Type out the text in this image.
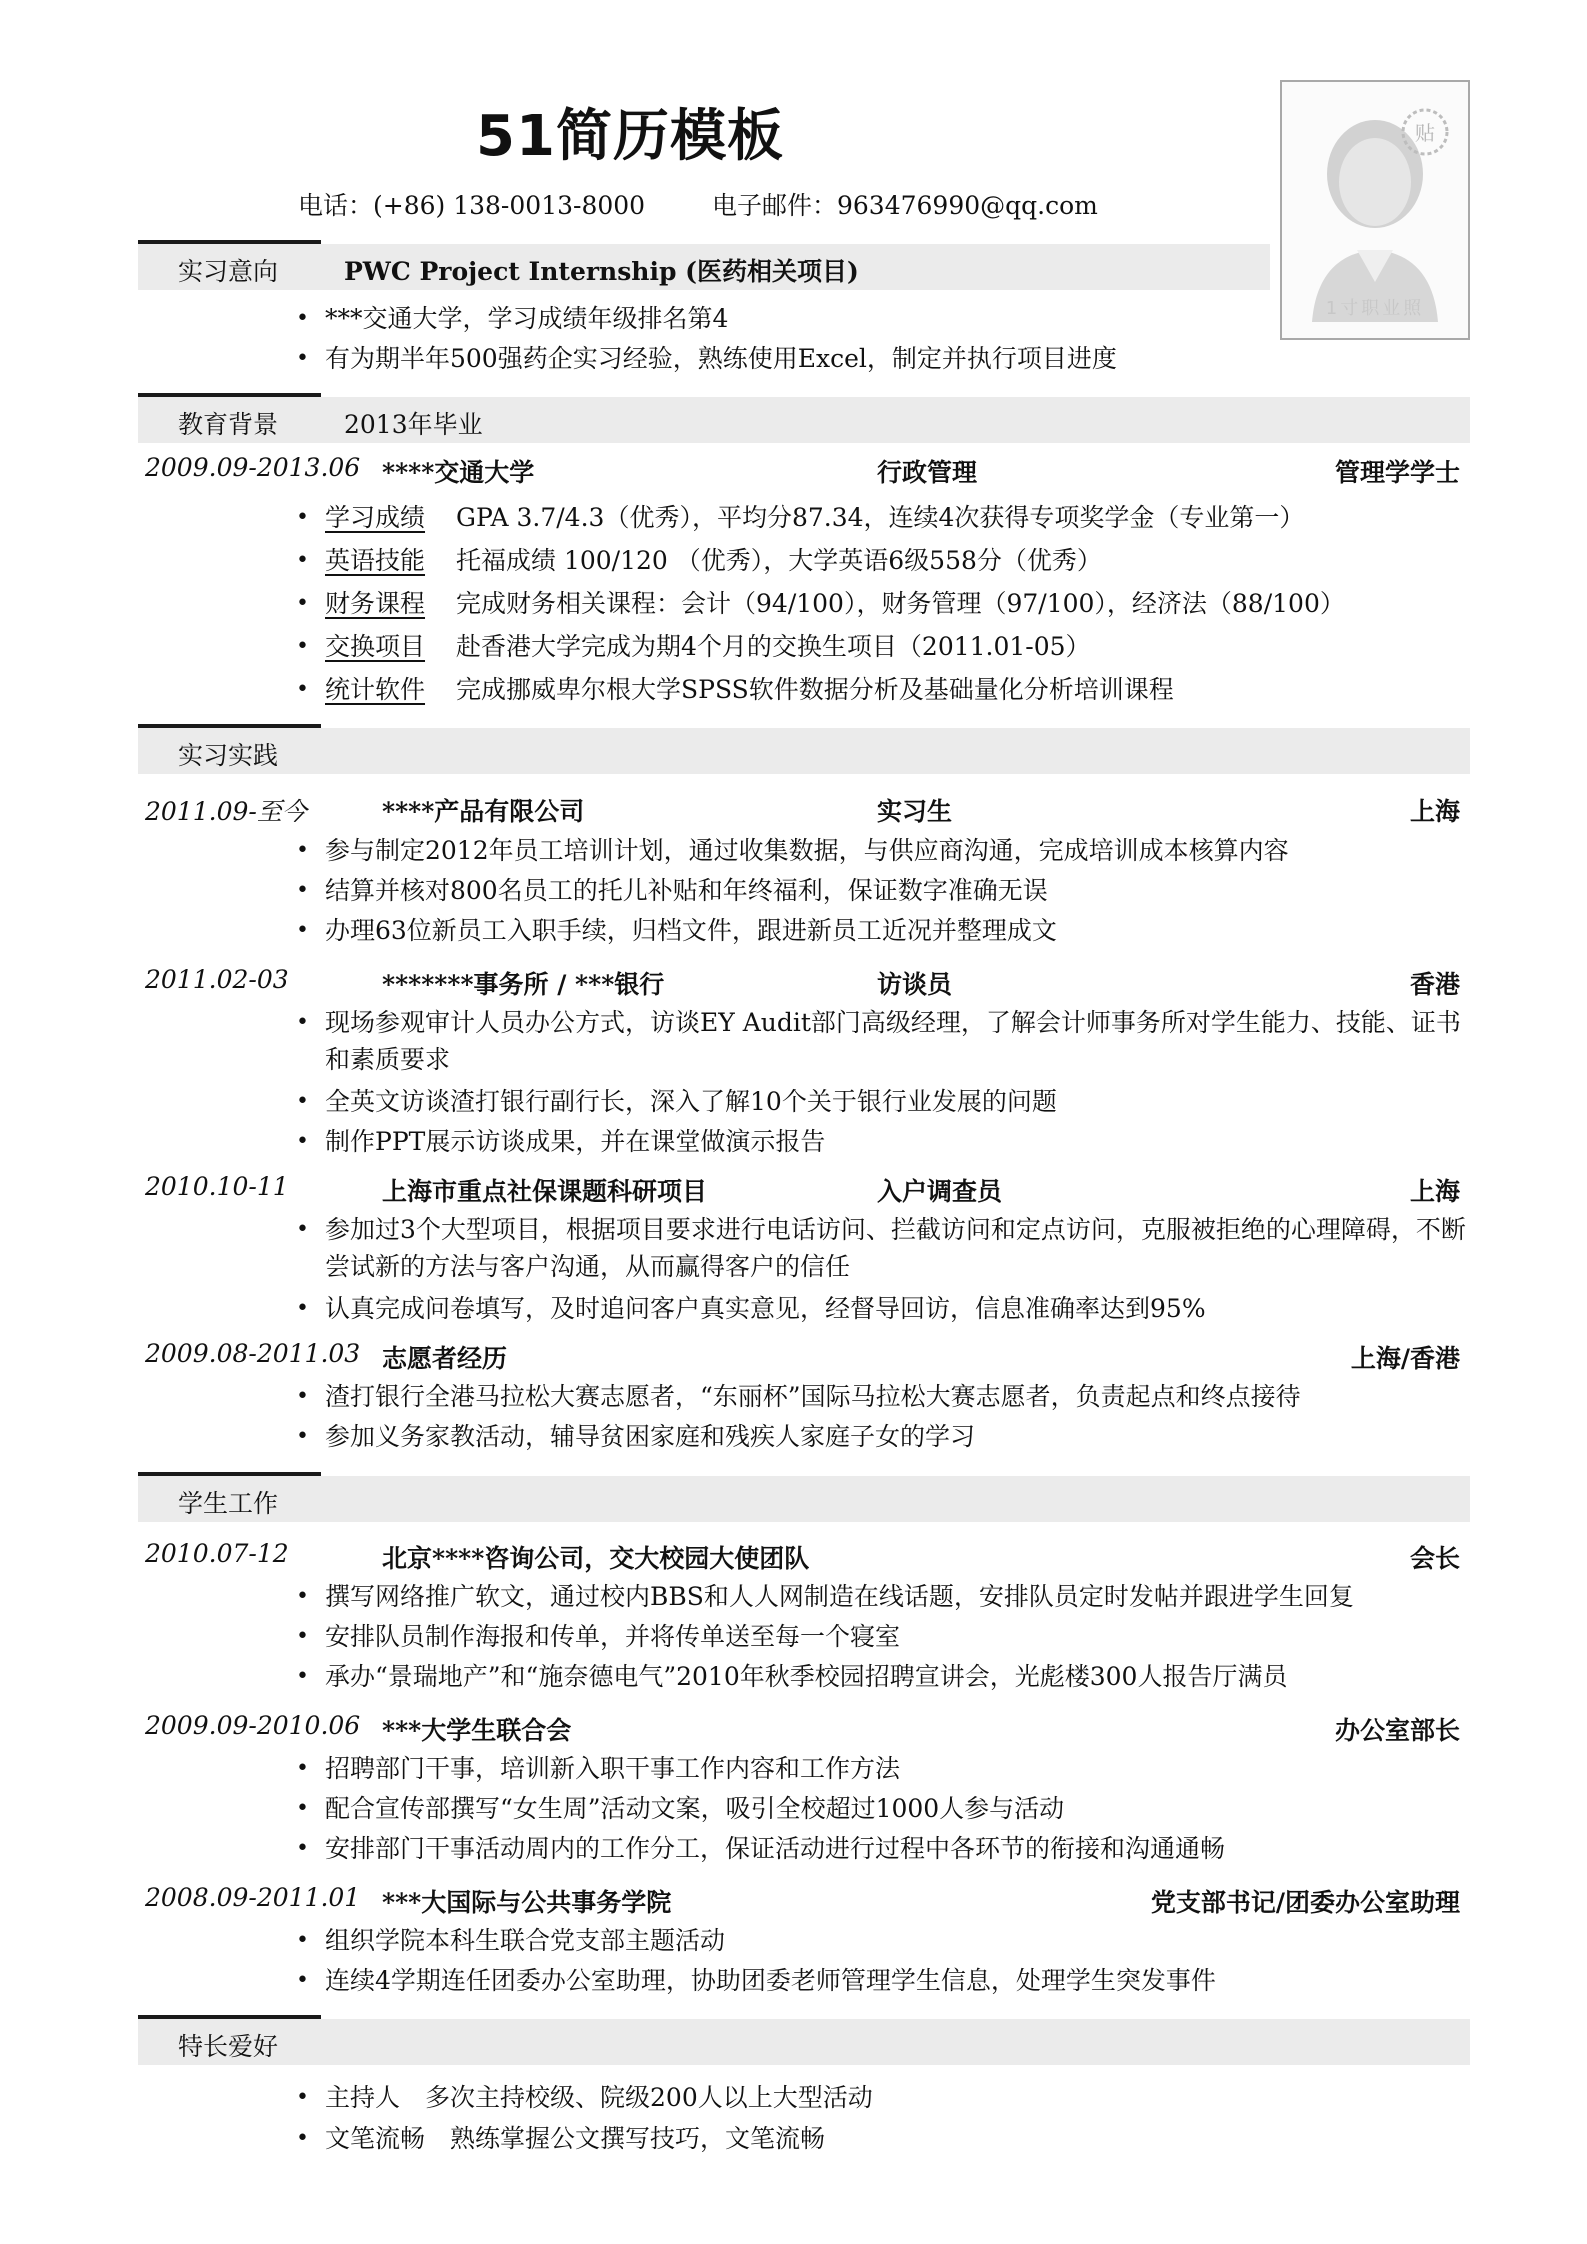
51简历模板
电话：(+86) 138-0013-8000	电子邮件：963476990@qq.com
贴
1寸职业照
实习意向	PWC Project Internship (医药相关项目)
• ***交通大学，学习成绩年级排名第4
• 有为期半年500强药企实习经验，熟练使用Excel，制定并执行项目进度
教育背景	2013年毕业
2009.09-2013.06 ****交通大学	行政管理	管理学学士
• 学习成绩 GPA 3.7/4.3（优秀），平均分87.34，连续4次获得专项奖学金（专业第一）
• 英语技能 托福成绩 100/120 （优秀），大学英语6级558分（优秀）
• 财务课程 完成财务相关课程：会计（94/100），财务管理（97/100），经济法（88/100）
• 交换项目 赴香港大学完成为期4个月的交换生项目（2011.01-05）
• 统计软件 完成挪威卑尔根大学SPSS软件数据分析及基础量化分析培训课程
实习实践
2011.09-至今	****产品有限公司	实习生	上海
• 参与制定2012年员工培训计划，通过收集数据，与供应商沟通，完成培训成本核算内容
• 结算并核对800名员工的托儿补贴和年终福利，保证数字准确无误
• 办理63位新员工入职手续，归档文件，跟进新员工近况并整理成文
2011.02-03	*******事务所 / ***银行	访谈员	香港
• 现场参观审计人员办公方式，访谈EY Audit部门高级经理，了解会计师事务所对学生能力、技能、证书和素质要求
• 全英文访谈渣打银行副行长，深入了解10个关于银行业发展的问题
• 制作PPT展示访谈成果，并在课堂做演示报告
2010.10-11	上海市重点社保课题科研项目	入户调查员	上海
• 参加过3个大型项目，根据项目要求进行电话访问、拦截访问和定点访问，克服被拒绝的心理障碍，不断尝试新的方法与客户沟通，从而赢得客户的信任
• 认真完成问卷填写，及时追问客户真实意见，经督导回访，信息准确率达到95%
2009.08-2011.03 志愿者经历	上海/香港
• 渣打银行全港马拉松大赛志愿者，“东丽杯”国际马拉松大赛志愿者，负责起点和终点接待
• 参加义务家教活动，辅导贫困家庭和残疾人家庭子女的学习
学生工作
2010.07-12	北京****咨询公司，交大校园大使团队	会长
• 撰写网络推广软文，通过校内BBS和人人网制造在线话题，安排队员定时发帖并跟进学生回复
• 安排队员制作海报和传单，并将传单送至每一个寝室
• 承办“景瑞地产”和“施奈德电气”2010年秋季校园招聘宣讲会，光彪楼300人报告厅满员
2009.09-2010.06 ***大学生联合会	办公室部长
• 招聘部门干事，培训新入职干事工作内容和工作方法
• 配合宣传部撰写“女生周”活动文案，吸引全校超过1000人参与活动
• 安排部门干事活动周内的工作分工，保证活动进行过程中各环节的衔接和沟通通畅
2008.09-2011.01 ***大国际与公共事务学院	党支部书记/团委办公室助理
• 组织学院本科生联合党支部主题活动
• 连续4学期连任团委办公室助理，协助团委老师管理学生信息，处理学生突发事件
特长爱好
• 主持人　多次主持校级、院级200人以上大型活动
• 文笔流畅　熟练掌握公文撰写技巧，文笔流畅
